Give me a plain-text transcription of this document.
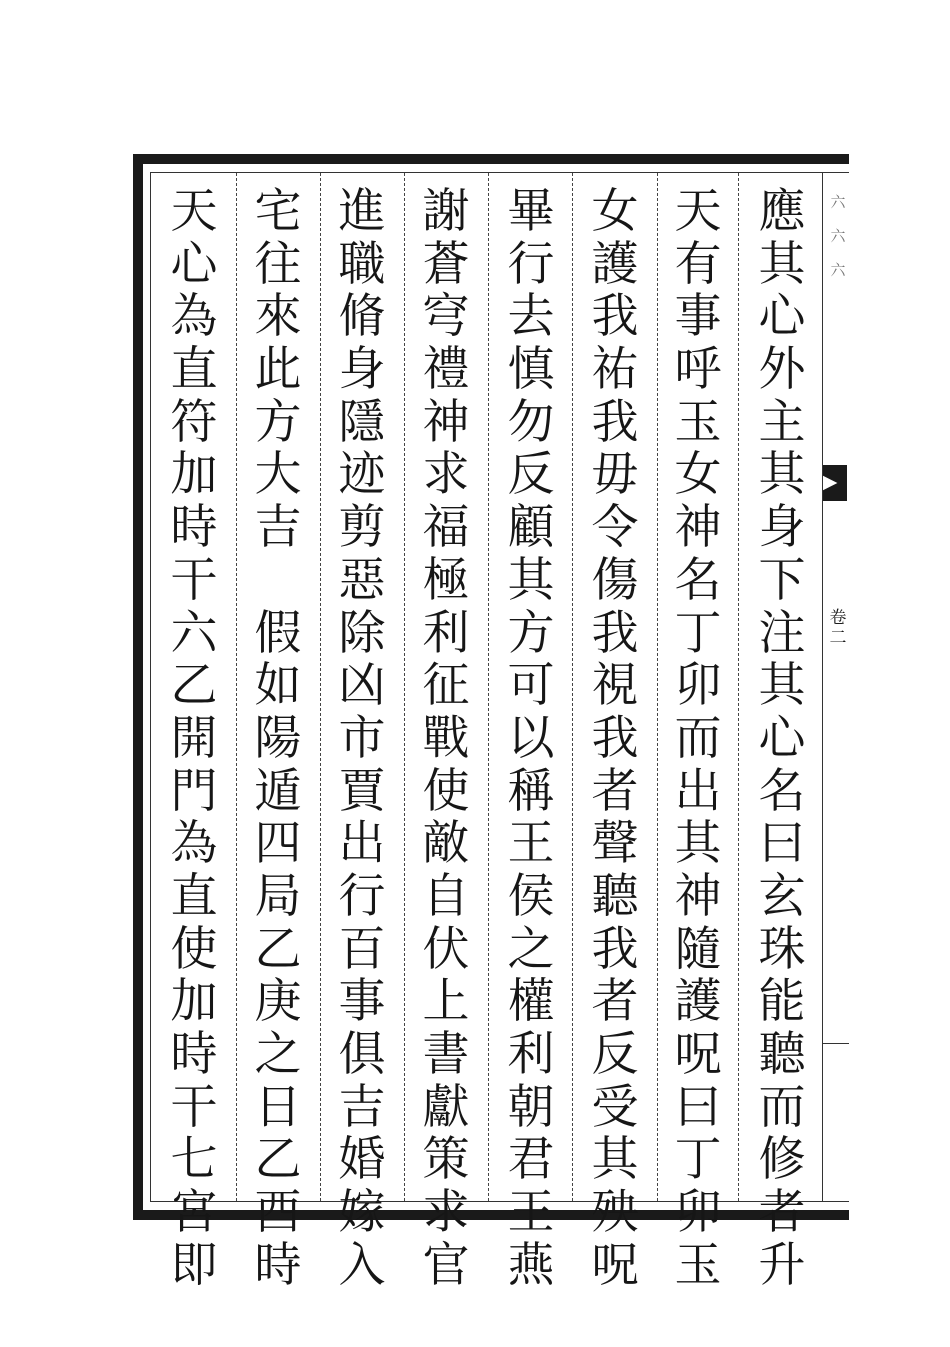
六六六
卷二
應
其
心
外
主
其
身
下
注
其
心
名
曰
玄
珠
能
聽
而
修
者
升
天
有
事
呼
玉
女
神
名
丁
卯
而
出
其
神
隨
護
呪
曰
丁
卯
玉
女
護
我
祐
我
毋
令
傷
我
視
我
者
聲
聽
我
者
反
受
其
殃
呪
畢
行
去
慎
勿
反
顧
其
方
可
以
稱
王
侯
之
權
利
朝
君
王
燕
謝
蒼
穹
禮
神
求
福
極
利
征
戰
使
敵
自
伏
上
書
獻
策
求
官
進
職
脩
身
隱
迹
剪
惡
除
凶
市
賈
出
行
百
事
俱
吉
婚
嫁
入
宅
往
來
此
方
大
吉

假
如
陽
遁
四
局
乙
庚
之
日
乙
酉
時
天
心
為
直
符
加
時
干
六
乙
開
門
為
直
使
加
時
干
七
宮
即
